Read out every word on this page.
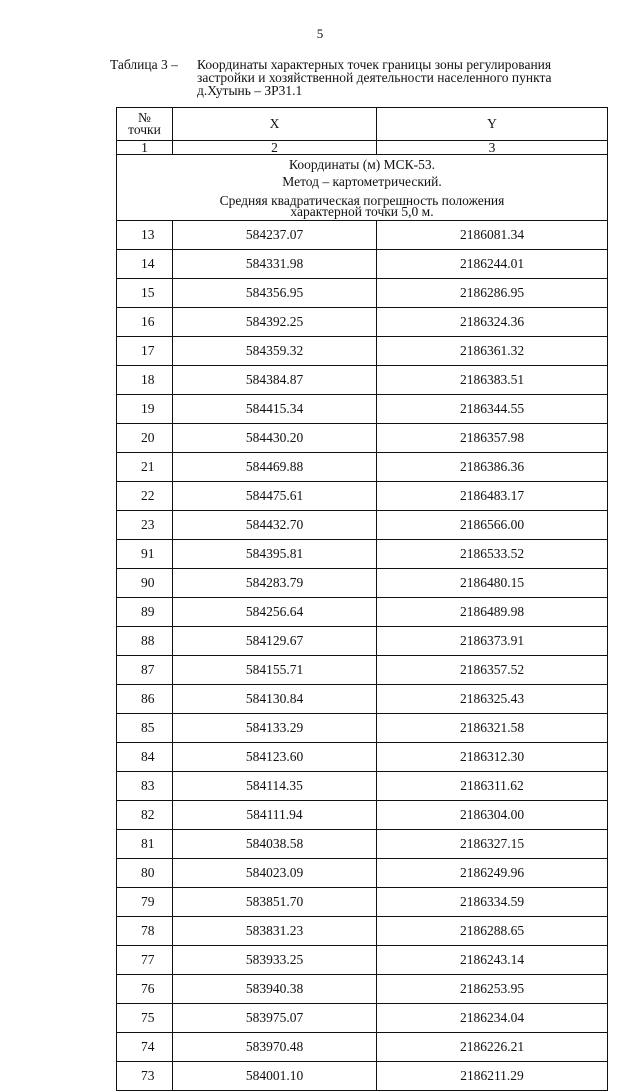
5
Таблица 3 – Координаты характерных точек границы зоны регулирования
застройки и хозяйственной деятельности населенного пункта
д.Хутынь – ЗР31.1
№
точки	X	Y
1	2	3

Координаты (м) МСК-53.
Метод – картометрический.
Средняя квадратическая погрешность положения
характерной точки 5,0 м.		

13	584237.07	2186081.34
14	584331.98	2186244.01
15	584356.95	2186286.95
16	584392.25	2186324.36
17	584359.32	2186361.32
18	584384.87	2186383.51
19	584415.34	2186344.55
20	584430.20	2186357.98
21	584469.88	2186386.36
22	584475.61	2186483.17
23	584432.70	2186566.00
91	584395.81	2186533.52
90	584283.79	2186480.15
89	584256.64	2186489.98
88	584129.67	2186373.91
87	584155.71	2186357.52
86	584130.84	2186325.43
85	584133.29	2186321.58
84	584123.60	2186312.30
83	584114.35	2186311.62
82	584111.94	2186304.00
81	584038.58	2186327.15
80	584023.09	2186249.96
79	583851.70	2186334.59
78	583831.23	2186288.65
77	583933.25	2186243.14
76	583940.38	2186253.95
75	583975.07	2186234.04
74	583970.48	2186226.21
73	584001.10	2186211.29
